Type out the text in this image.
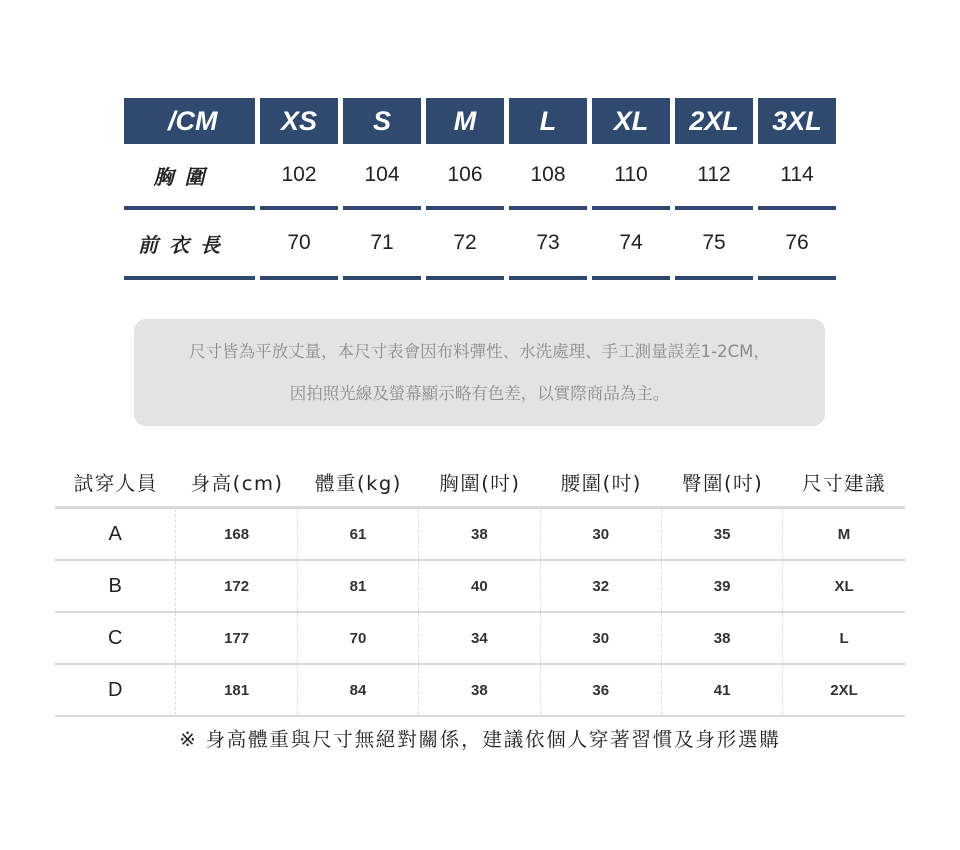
/CM	XS	S	M	L	XL	2XL	3XL
胸圍	102	104	106	108	110	112	114
前衣長	70	71	72	73	74	75	76
尺寸皆為平放丈量，本尺寸表會因布料彈性、水洗處理、手工測量誤差1-2CM，
因拍照光線及螢幕顯示略有色差，以實際商品為主。
試穿人員	身高(cm)	體重(kg)	胸圍(吋)	腰圍(吋)	臀圍(吋)	尺寸建議
A	168	61	38	30	35	M
B	172	81	40	32	39	XL
C	177	70	34	30	38	L
D	181	84	38	36	41	2XL
※ 身高體重與尺寸無絕對關係，建議依個人穿著習慣及身形選購
